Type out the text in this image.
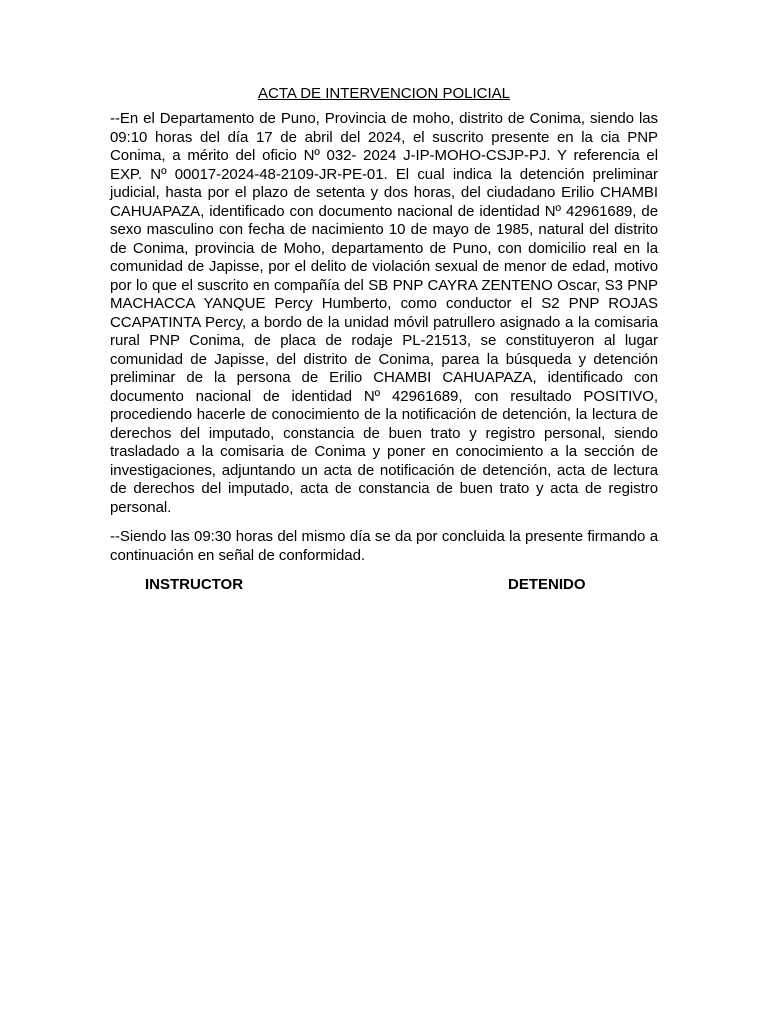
ACTA DE INTERVENCION POLICIAL

--En el Departamento de Puno, Provincia de moho, distrito de Conima, siendo las 09:10 horas del día 17 de abril del 2024, el suscrito presente en la cia PNP Conima, a mérito del oficio Nº 032- 2024 J-IP-MOHO-CSJP-PJ. Y referencia el EXP. Nº 00017-2024-48-2109-JR-PE-01. El cual indica la detención preliminar judicial, hasta por el plazo de setenta y dos horas, del ciudadano Erilio CHAMBI CAHUAPAZA, identificado con documento nacional de identidad Nº 42961689, de sexo masculino con fecha de nacimiento 10 de mayo de 1985, natural del distrito de Conima, provincia de Moho, departamento de Puno, con domicilio real en la comunidad de Japisse, por el delito de violación sexual de menor de edad, motivo por lo que el suscrito en compañía del SB PNP CAYRA ZENTENO Oscar, S3 PNP MACHACCA YANQUE Percy Humberto, como conductor el S2 PNP ROJAS CCAPATINTA Percy, a bordo de la unidad móvil patrullero asignado a la comisaria rural PNP Conima, de placa de rodaje PL-21513, se constituyeron al lugar comunidad de Japisse, del distrito de Conima, parea la búsqueda y detención preliminar de la persona de Erilio CHAMBI CAHUAPAZA, identificado con documento nacional de identidad Nº 42961689, con resultado POSITIVO, procediendo hacerle de conocimiento de la notificación de detención, la lectura de derechos del imputado, constancia de buen trato y registro personal, siendo trasladado a la comisaria de Conima y poner en conocimiento a la sección de investigaciones, adjuntando un acta de notificación de detención, acta de lectura de derechos del imputado, acta de constancia de buen trato y acta de registro personal.

--Siendo las 09:30 horas del mismo día se da por concluida la presente firmando a continuación en señal de conformidad.

INSTRUCTOR	DETENIDO
